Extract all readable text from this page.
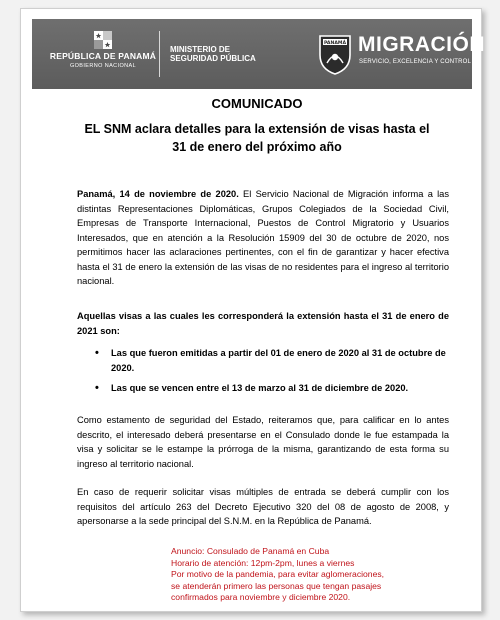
REPÚBLICA DE PANAMÁ
GOBIERNO NACIONAL
MINISTERIO DE
SEGURIDAD PÚBLICA
PANAMÁ MIGRACIÓN
SERVICIO, EXCELENCIA Y CONTROL
COMUNICADO
EL SNM aclara detalles para la extensión de visas hasta el 31 de enero del próximo año
Panamá, 14 de noviembre de 2020. El Servicio Nacional de Migración informa a las distintas Representaciones Diplomáticas, Grupos Colegiados de la Sociedad Civil, Empresas de Transporte Internacional, Puestos de Control Migratorio y Usuarios Interesados, que en atención a la Resolución 15909 del 30 de octubre de 2020, nos permitimos hacer las aclaraciones pertinentes, con el fin de garantizar y hacer efectiva hasta el 31 de enero la extensión de las visas de no residentes para el ingreso al territorio nacional.
Aquellas visas a las cuales les corresponderá la extensión hasta el 31 de enero de 2021 son:
• Las que fueron emitidas a partir del 01 de enero de 2020 al 31 de octubre de 2020.
• Las que se vencen entre el 13 de marzo al 31 de diciembre de 2020.
Como estamento de seguridad del Estado, reiteramos que, para calificar en lo antes descrito, el interesado deberá presentarse en el Consulado donde le fue estampada la visa y solicitar se le estampe la prórroga de la misma, garantizando de esta forma su ingreso al territorio nacional.
En caso de requerir solicitar visas múltiples de entrada se deberá cumplir con los requisitos del artículo 263 del Decreto Ejecutivo 320 del 08 de agosto de 2008, y apersonarse a la sede principal del S.N.M. en la República de Panamá.
Anuncio: Consulado de Panamá en Cuba
Horario de atención: 12pm-2pm, lunes a viernes
Por motivo de la pandemia, para evitar aglomeraciones,
se atenderán primero las personas que tengan pasajes
confirmados para noviembre y diciembre 2020.
